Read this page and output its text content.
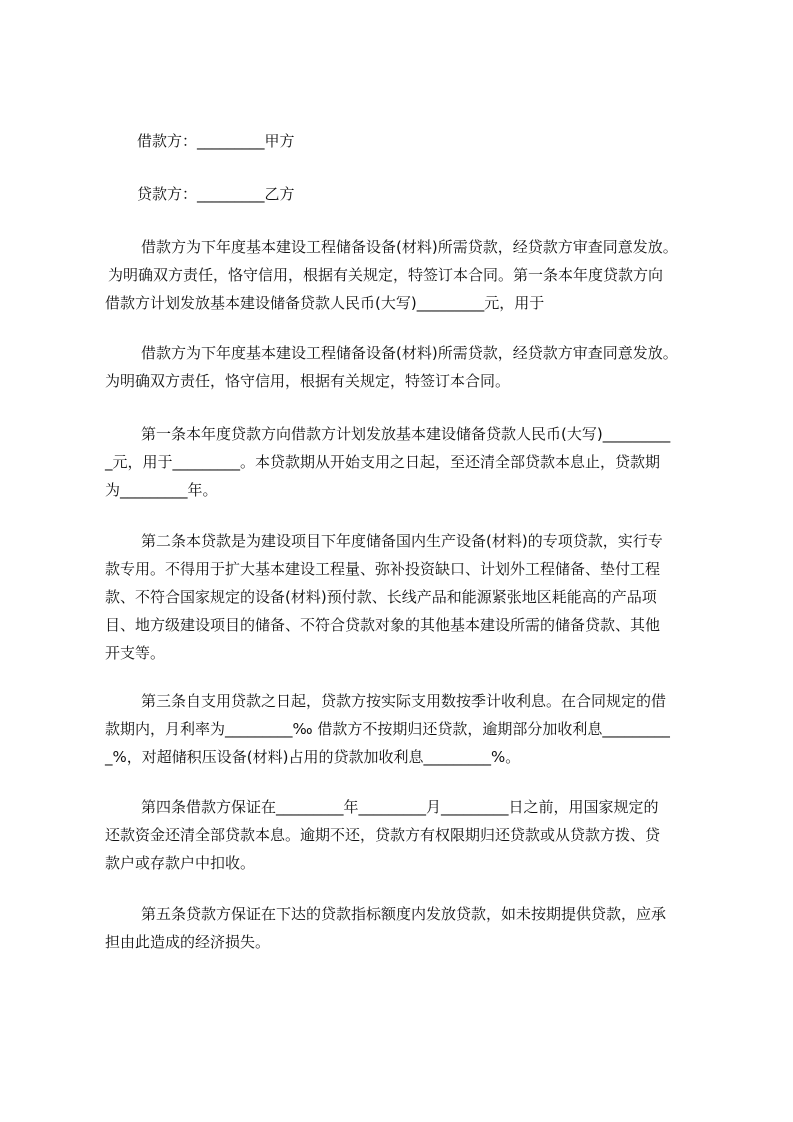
借款方：_________甲方
贷款方：_________乙方
借款方为下年度基本建设工程储备设备(材料)所需贷款，经贷款方审查同意发放。
为明确双方责任，恪守信用，根据有关规定，特签订本合同。第一条本年度贷款方向
借款方计划发放基本建设储备贷款人民币(大写)_________元，用于
借款方为下年度基本建设工程储备设备(材料)所需贷款，经贷款方审查同意发放。
为明确双方责任，恪守信用，根据有关规定，特签订本合同。
第一条本年度贷款方向借款方计划发放基本建设储备贷款人民币(大写)_________
_元，用于_________。本贷款期从开始支用之日起，至还清全部贷款本息止，贷款期
为_________年。
第二条本贷款是为建设项目下年度储备国内生产设备(材料)的专项贷款，实行专
款专用。不得用于扩大基本建设工程量、弥补投资缺口、计划外工程储备、垫付工程
款、不符合国家规定的设备(材料)预付款、长线产品和能源紧张地区耗能高的产品项
目、地方级建设项目的储备、不符合贷款对象的其他基本建设所需的储备贷款、其他
开支等。
第三条自支用贷款之日起，贷款方按实际支用数按季计收利息。在合同规定的借
款期内，月利率为_________‰ 借款方不按期归还贷款，逾期部分加收利息_________
_%，对超储积压设备(材料)占用的贷款加收利息_________%。
第四条借款方保证在_________年_________月_________日之前，用国家规定的
还款资金还清全部贷款本息。逾期不还，贷款方有权限期归还贷款或从贷款方拨、贷
款户或存款户中扣收。
第五条贷款方保证在下达的贷款指标额度内发放贷款，如未按期提供贷款，应承
担由此造成的经济损失。
